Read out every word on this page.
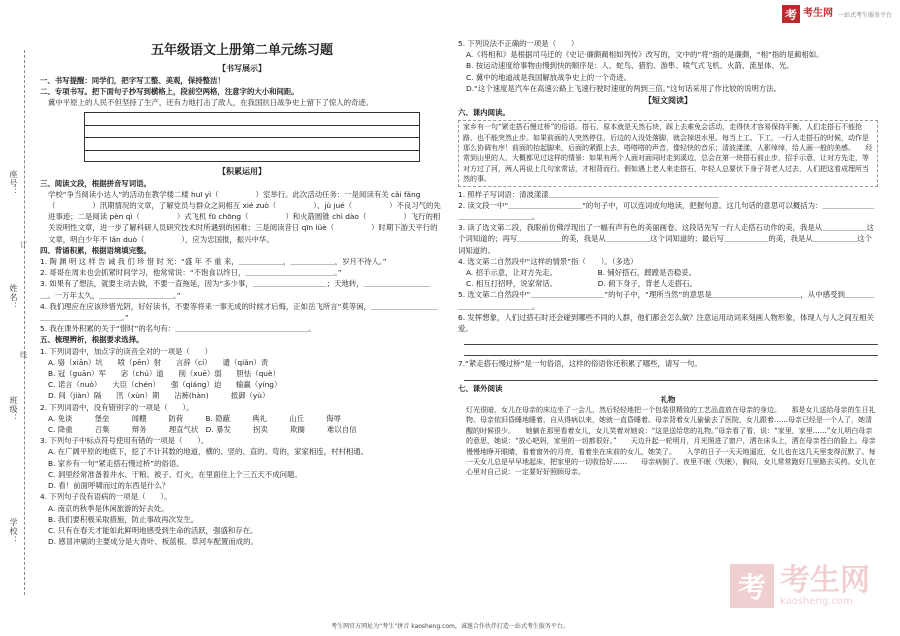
考 考生网 一站式考生服务平台
座号：
姓名：
班级：
学校：
订
线
五年级语文上册第二单元练习题
【书写展示】
一、书写提醒：同学们，把字写工整、美观，保持整洁！
二、专项书写。把下面句子抄写到横格上，段前空两格，注意字的大小和间距。
冀中平原上的人民不但坚持了生产，还有力地打击了敌人，在我国抗日战争史上留下了惊人的奇迹。
【积累运用】
三、阅读文段，根据拼音写词语。
学校“争当阅读小达人”的活动在教学楼二楼 huī yì（　　　　　）室举行。此次活动任务：一是阅读有关 cǎi fǎng（　　　　　）汛期情况的文章，了解党员与群众之间相互 xié zuò（　　　　　）、jù jué（　　　　　）不良习气的先进事迹；二是阅读 pèn qì（　　　　　）式飞机 fū chōng（　　　　　）和火箭圆锥 chì dào（　　　　　）飞行的相关说明性文章，进一步了解科研人员研究技术时所遇到的困难；三是阅读昔日 qīn lüè（　　　　　）时期下游天平行的文章，明白少年不 lǎn duò（　　　　　），应为忠国报，振兴中华。
四、背诵积累，根据语境填完整。
1. 陶 渊 明 这 样 告 诫 我 们 珍 惜 时 光：“盛 年 不 重 来，＿＿＿＿＿＿，＿＿＿＿＿＿，岁月不待人。”
2. 哥哥在周末也会抓紧时间学习，他常常说：“不饱食以终日，＿＿＿＿＿＿＿＿＿＿＿＿。”
3. 如果有了想法，就要主动去做，不要一直拖延，因为“多少事，＿＿＿＿＿＿＿＿＿＿；天地转，＿＿＿＿＿＿＿＿＿＿。一万年太久，＿＿＿＿＿＿＿＿＿＿。”
4. 我们理应在应该珍惜光阴，好好读书，不要等将来一事无成的时候才后悔，正如岳飞所言“莫等闲，＿＿＿＿＿＿＿＿＿＿＿＿＿＿＿＿＿＿＿＿。”
5. 我在课外积累的关于“惜时”的名句有：＿＿＿＿＿＿＿＿＿＿＿＿＿＿＿＿＿＿。
五、梳理辨析，根据要求选择。
1. 下列词语中，加点字的读音全对的一项是（　　）
A. 骆（xiān）坑　　喷（pēn）射　　言辞（cí）　　谴（qiǎn）责
B. 冠（guān）军　　宓（chú）道　　削（xuē）弱　　胆怯（què）
C. 诺言（nuò）　　大臣（chén）　　强（qiáng）迫　　输赢（yíng）
D. 间（jiàn）隔　　汛（xùn）期　　沾裤(hàn)　　　抵御（yù）
2. 下列词语中，没有错别字的一项是（　　）。
A. 免谈　　　堡垒　　　闻棚　　　防荷　　　B. 隐蔽　　　典礼　　　山丘　　　侮辱
C. 降重　　　召集　　　辩务　　　理直气状　D. 暴发　　　拐卖　　　欺搁　　　难以自信
3. 下列句子中标点符号使用有错的一项是（　　）。
A. 在广阔平原的地底下，挖了不计其数的地道，横的、竖的、直的、弯的，家家相连，村村相通。
B. 家乡有一句“紧走搭石慢过桥”的俗语。
C. 洞里经常准备着井水、干粮、被子、灯火，在里面住上个三五天不成问题。
D. 看！前面呼啸而过的东西是什么？
4. 下列句子没有语病的一项是（　　）。
A. 南京的秋季是休闲旅游的好去处。
B. 我们要积极采取措施，防止事故再次发生。
C. 只有在春天才能如此鲜明地感受到生命的活跃，强盛和存在。
D. 感冒冲刷的主要成分是大青叶、板蓝根、草河车配置而成的。
5. 下列说法不正确的一项是（　　）
A.《将相和》是根据司马迁的《史记·廉颇蔺相如列传》改写的，文中的“将”指的是廉颇，“相”指的是蔺相如。
B. 按运动速度给事物由慢到快的顺序是：人、蛇鸟、猎豹、游隼、喷气式飞机、火箭、流星体、光。
C. 冀中的地道战是我国解放战争史上的一个奇迹。
D.“这个速度是汽车在高速公路上飞速行驶时速度的两到三倍。”这句话采用了作比较的说明方法。
【短文阅读】
六、课内阅读。
家乡有一句“紧走搭石慢过桥”的俗语。搭石，原本就是天然石块，踩上去难免会活动，走得快才容易保持平衡，人们走搭石不能抢路，也不能突然止步。如果前面的人突然停住，后边的人没处落脚，就会掉进水里。每当上工、下工，一行人走搭石的时候，动作是那么协调有序！前面的抬起脚来，后面的紧跟上去，嗒嗒嗒的声音，像轻快的音乐；清波漾漾，人影绰绰，给人画一般的美感。　　经常到山里的人，大概都见过这样的情景：如果有两个人面对面同时走到溪边，总会在第一块搭石前止步，招手示意，让对方先走，等对方过了河，两人再说上几句家常话，才相背而行。假如遇上老人来走搭石，年轻人总要伏下身子背老人过去，人们把这看成理所当然的事。
1. 照样子写词语：清波漾漾＿＿＿＿＿＿＿＿＿＿＿＿＿＿＿＿＿＿＿＿＿＿＿
2. 读文段一中“＿＿＿＿＿＿＿＿＿＿”的句子中，可以连词成句地读，把握句意。这几句话的意思可以概括为：＿＿＿＿＿＿＿＿＿＿＿＿＿＿＿＿＿。
3. 读了选文第二段，我眼前仿佛浮现出了一幅有声有色的美丽画卷。这段话先写一行人走搭石动作的美，我是从＿＿＿＿＿＿这个词知道的；再写＿＿＿＿＿＿的美，我是从＿＿＿＿＿＿这个词知道的；最后写＿＿＿＿＿＿的美，我是从＿＿＿＿＿＿这个词知道的。
4. 选文第二自然段中“这样的情景”指（　　）。（多选）
A. 招手示意，让对方先走。　　　　　　B. 铺好搭石，蹚蹚是否稳妥。
C. 相互打招呼，说家常话。　　　　　　D. 俯下身子，背老人走搭石。
5. 选文第二自然段中“＿＿＿＿＿＿＿＿＿＿”的句子中，“理所当然”的意思是＿＿＿＿＿＿＿＿＿＿＿＿，从中感受到＿＿＿＿＿＿＿＿＿＿＿＿＿＿。
6. 发挥想象，人们过搭石时还会碰到哪些不同的人群，他们都会怎么做？注意运用动词来刻画人物形象，体现人与人之间互相关爱。
7.“紧走搭石慢过桥”是一句俗语，这样的俗语你还积累了哪些，请写一句。
七、课外阅读
礼物
灯光很暗，女儿在母亲的床边坐了一会儿，然后轻轻地把一个包装很精致的工艺品盒放在母亲的身边。　　那是女儿送给母亲的生日礼物。母亲依旧昏睡地睡着，自从得病以来，她就一直昏睡着。母亲背着女儿偷偷去了医院，女儿跟着……母亲已经是一个人了，她清醒的时候很少。　　她躺在那里看着女儿，女儿笑着对她说：“这是送给您的礼物。”母亲看了看，说：“家里，家里……”女儿明白母亲的意思，她说：“放心吧妈，家里的一切都很好。”　　天边升起一轮明月，月光照进了窗户，洒在床头上，洒在母亲苍白的脸上。母亲慢慢地睁开眼睛，看着窗外的月亮，看着坐在床前的女儿，她笑了。　　入学的日子一天天地逼近，女儿也在这几天里变得沉默了。每一天女儿总是早早地起床，把家里的一切收拾好……　　母亲病倒了。夜里不眠（失眠），胸闷，女儿常常跑好几里路去买药。女儿在心里对自己说：一定要好好照顾母亲。
考 考生网
kaosheng.com
考生网官方网址为“考生”拼音 kaosheng.com，诚邀合作伙伴打造一站式考生服务平台。
